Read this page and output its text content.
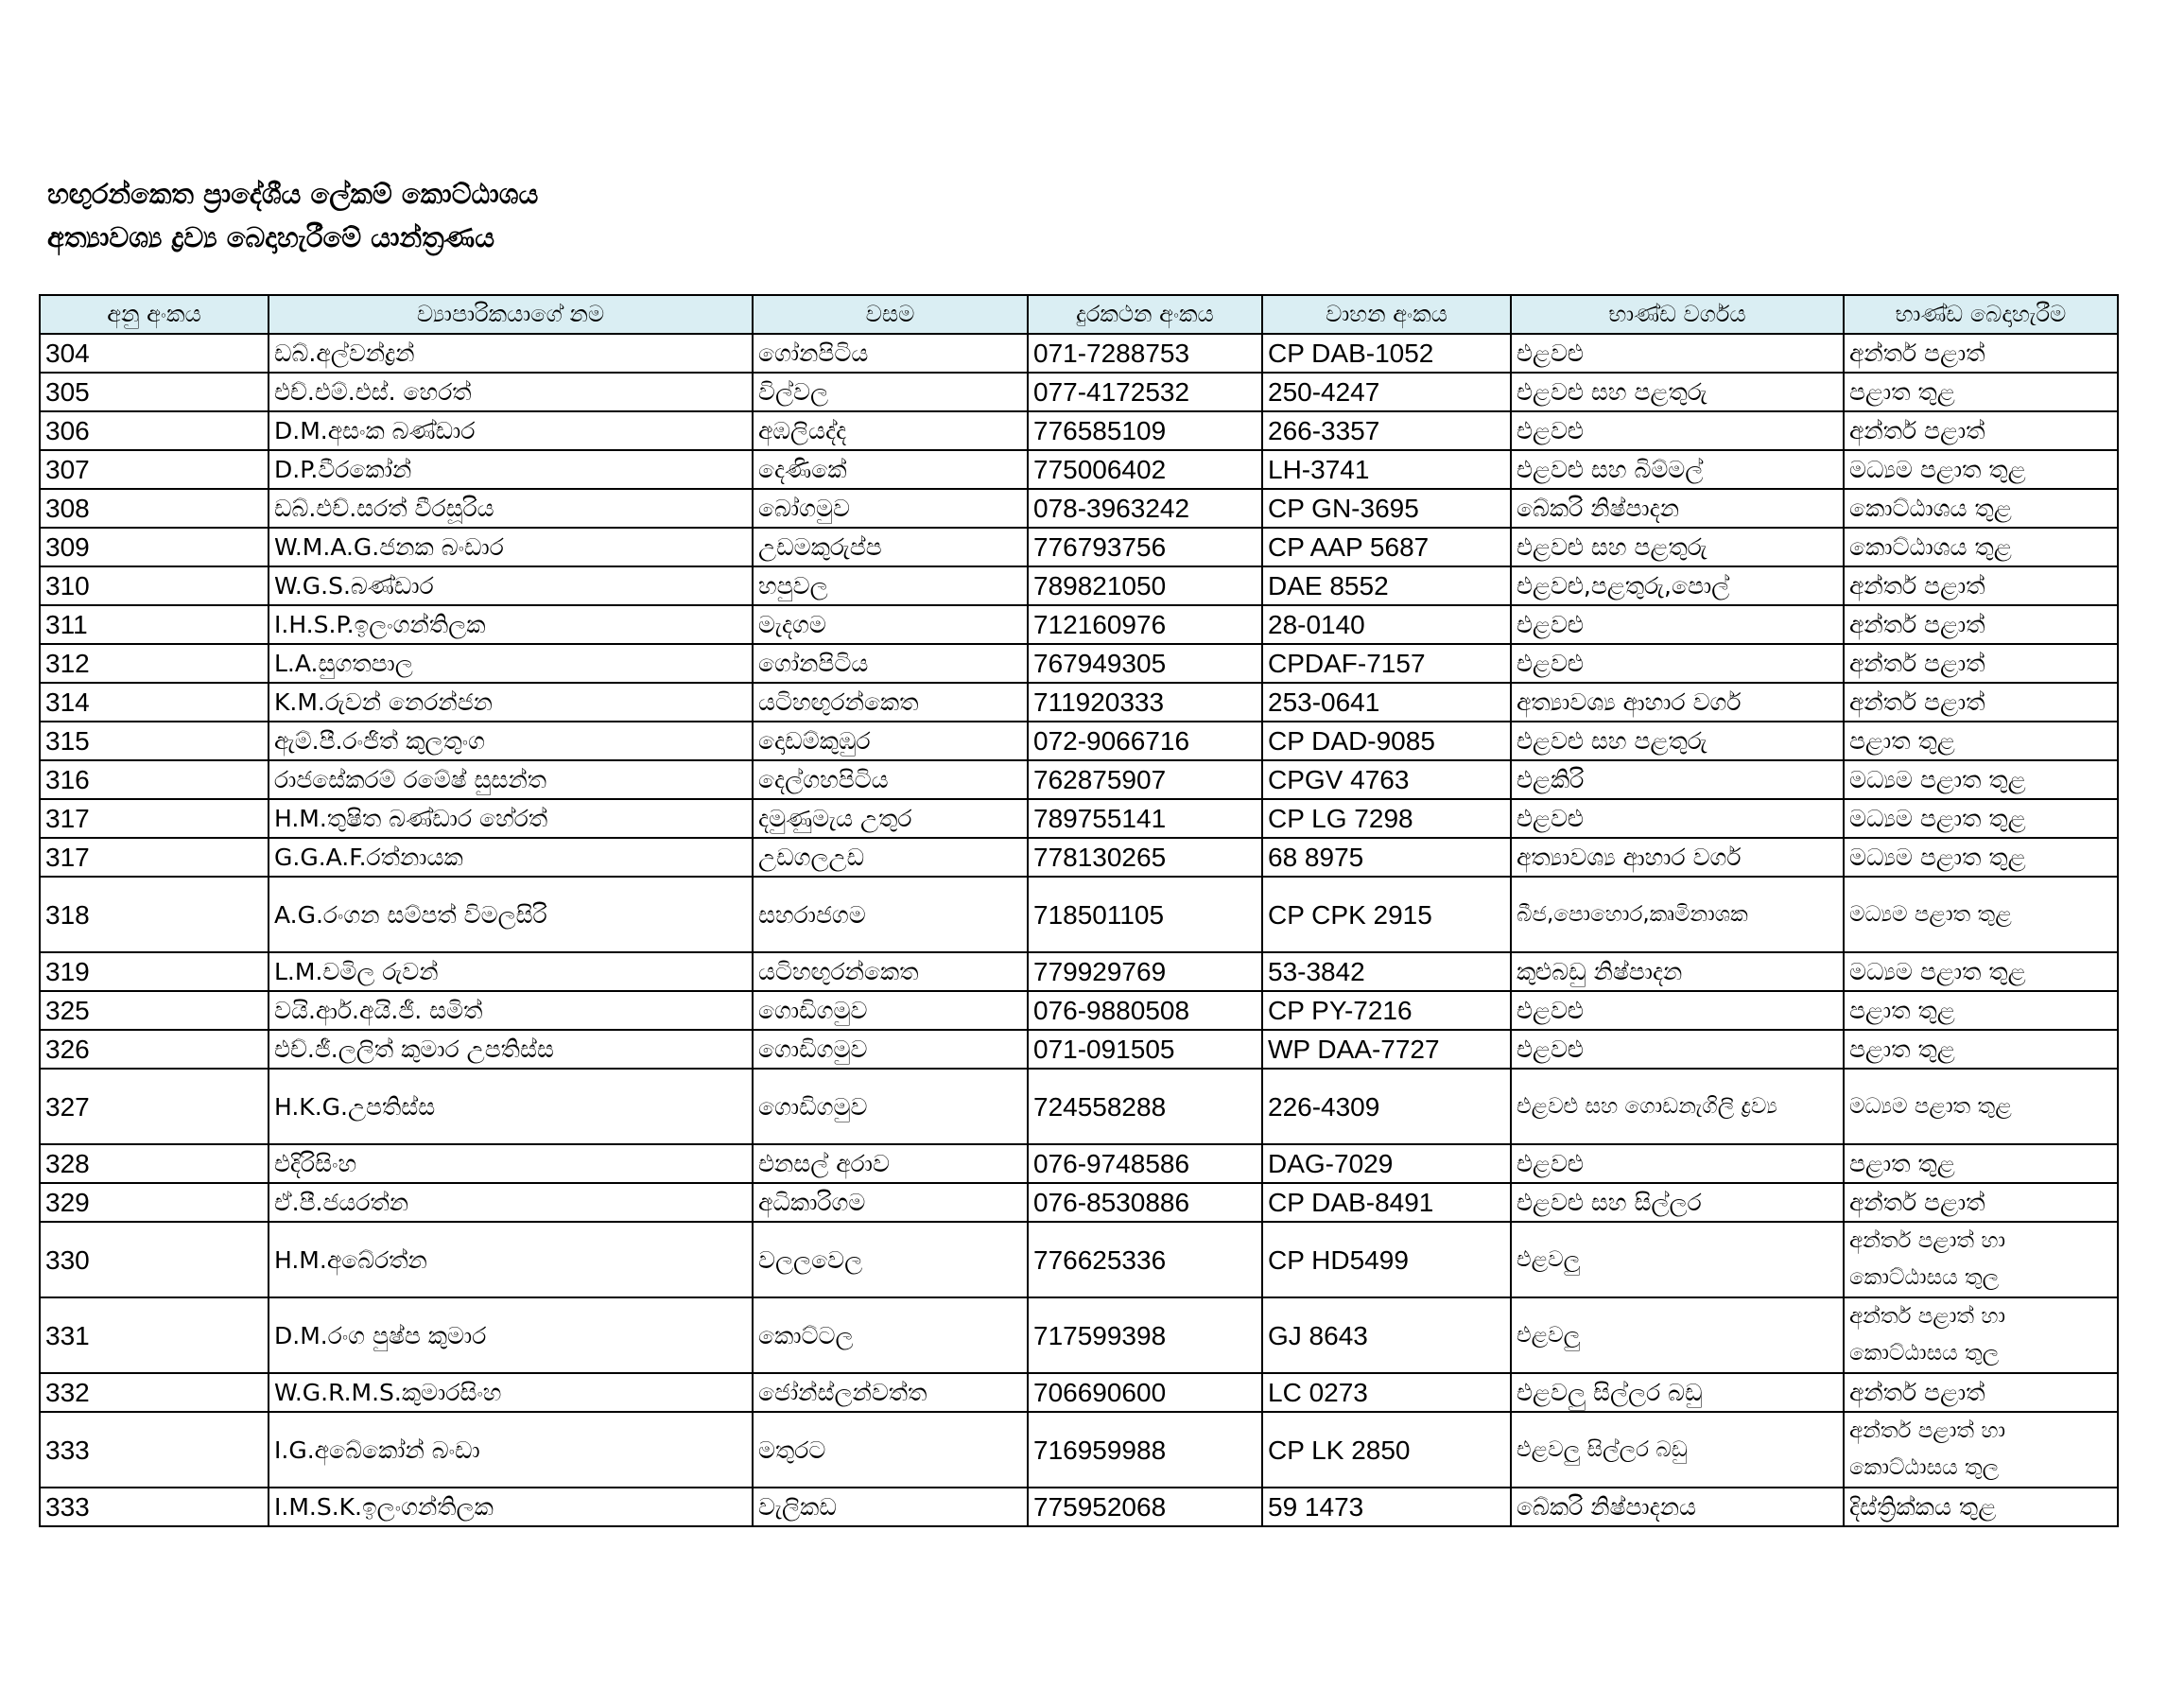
හඟුරන්කෙත ප්‍රාදේශීය ලේකම් කොට්ඨාශය
අත්‍යාවශ්‍ය ද්‍රව්‍ය බෙදාහැරීමේ යාන්ත්‍රණය
අනු අංකය	ව්‍යාපාරිකයාගේ නම	වසම	දුරකථන අංකය	වාහන අංකය	භාණ්ඩ වර්ගය	භාණ්ඩ බෙදාහැරීම
304	ඩබ්.අල්වන්ද්‍රන්	ගෝනපිටිය	071-7288753	CP DAB-1052	එළවළු	අන්තර් පළාත්
305	එච්.එම්.එස්. හෙරත්	විල්වල	077-4172532	250-4247	එළවළු සහ පළතුරු	පළාත තුළ
306	D.M.අසංක බණ්ඩාර	අඹලියද්ද	776585109	266-3357	එළවළු	අන්තර් පළාත්
307	D.P.වීරකෝන්	දෙණිකේ	775006402	LH-3741	එළවළු සහ බිම්මල්	මධ්‍යම පළාත තුළ
308	ඩබ්.එච්.සරත් වීරසූරිය	බෝගමුව	078-3963242	CP GN-3695	බේකරි නිෂ්පාදන	කොට්ඨාශය තුළ
309	W.M.A.G.ජනක බංඩාර	උඩමකුරුප්ප	776793756	CP AAP 5687	එළවළු සහ පළතුරු	කොට්ඨාශය තුළ
310	W.G.S.බණ්ඩාර	හපුවල	789821050	DAE 8552	එළවළු,පළතුරු,පොල්	අන්තර් පළාත්
311	I.H.S.P.ඉලංගන්තිලක	මැදගම	712160976	28-0140	එළවළු	අන්තර් පළාත්
312	L.A.සුගතපාල	ගෝනපිටිය	767949305	CPDAF-7157	එළවළු	අන්තර් පළාත්
314	K.M.රුවන් නෙරන්ජන	යටිහඟුරන්කෙත	711920333	253-0641	අත්‍යාවශ්‍ය ආහාර වර්ග	අන්තර් පළාත්
315	ඇම්.පී.රංජිත් කුලතුංග	දොඩම්කුඹුර	072-9066716	CP DAD-9085	එළවළු සහ පළතුරු	පළාත තුළ
316	රාජසේකරම් රමේෂ් සුසන්ත	දෙල්ගහපිටිය	762875907	CPGV 4763	එළකිරි	මධ්‍යම පළාත තුළ
317	H.M.තුෂිත බණ්ඩාර හේරත්	දමුණුමැය උතුර	789755141	CP LG 7298	එළවළු	මධ්‍යම පළාත තුළ
317	G.G.A.F.රත්නායක	උඩගලඋඩ	778130265	68 8975	අත්‍යාවශ්‍ය ආහාර වර්ග	මධ්‍යම පළාත තුළ
318	A.G.රංගන සම්පත් විමලසිරි	සහරාජගම	718501105	CP CPK 2915	බීජ,පොහොර,කෘමිනාශක	මධ්‍යම පළාත තුළ
319	L.M.චමිල රුවන්	යටිහඟුරන්කෙත	779929769	53-3842	කුළුබඩු නිෂ්පාදන	මධ්‍යම පළාත තුළ
325	වයි.ආර්.අයි.ජී. සමිත්	ගොඩිගමුව	076-9880508	CP PY-7216	එළවළු	පළාත තුළ
326	එච්.ජී.ලලිත් කුමාර උපතිස්ස	ගොඩිගමුව	071-091505	WP DAA-7727	එළවළු	පළාත තුළ
327	H.K.G.උපතිස්ස	ගොඩිගමුව	724558288	226-4309	එළවළු සහ ගොඩනැගිලි ද්‍රව්‍ය	මධ්‍යම පළාත තුළ
328	එදිරිසිංහ	එනසල් අරාව	076-9748586	DAG-7029	එළවළු	පළාත තුළ
329	ඒ.පී.ජයරත්න	අධිකාරිගම	076-8530886	CP DAB-8491	එළවළු සහ සිල්ලර	අන්තර් පළාත්
330	H.M.අබේරත්න	වලලවෙල	776625336	CP HD5499	එළවලු	අන්තර් පළාත් හා කොට්ඨාසය තුල
331	D.M.රංග පුෂ්ප කුමාර	කොට්ටල	717599398	GJ 8643	එළවලු	අන්තර් පළාත් හා කොට්ඨාසය තුල
332	W.G.R.M.S.කුමාරසිංහ	ජෝන්ස්ලන්වත්ත	706690600	LC 0273	එළවලු සිල්ලර බඩු	අන්තර් පළාත්
333	I.G.අබේකෝන් බංඩා	මතුරට	716959988	CP LK 2850	එළවලු සිල්ලර බඩු	අන්තර් පළාත් හා කොට්ඨාසය තුල
333	I.M.S.K.ඉලංගන්තිලක	වැලිකඩ	775952068	59 1473	බේකරි නිෂ්පාදනය	දිස්ත්‍රික්කය තුළ
